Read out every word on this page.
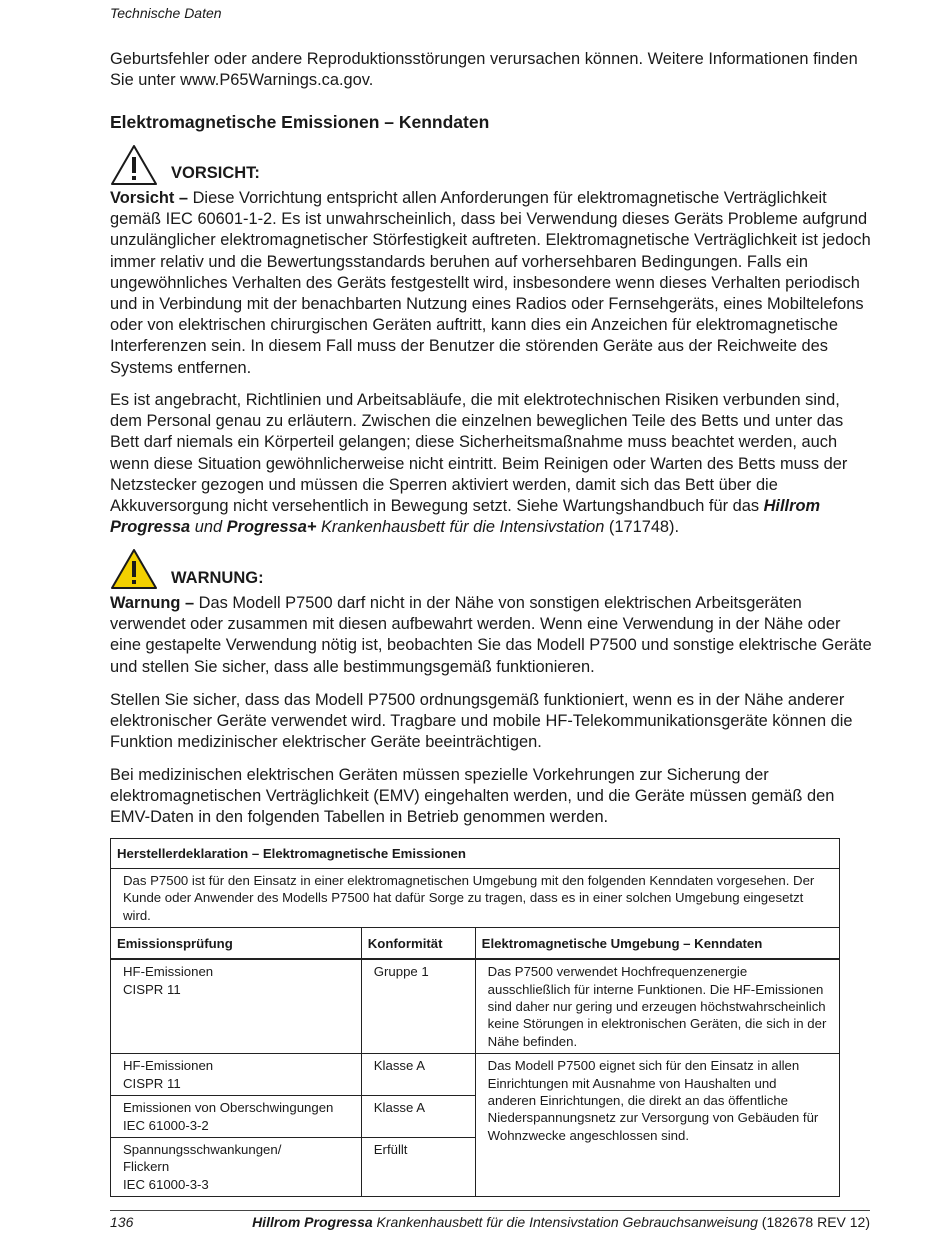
Technische Daten

Geburtsfehler oder andere Reproduktionsstörungen verursachen können. Weitere Informationen finden Sie unter www.P65Warnings.ca.gov.

Elektromagnetische Emissionen – Kenndaten
VORSICHT:

Vorsicht – Diese Vorrichtung entspricht allen Anforderungen für elektromagnetische Verträglichkeit gemäß IEC 60601-1-2. Es ist unwahrscheinlich, dass bei Verwendung dieses Geräts Probleme aufgrund unzulänglicher elektromagnetischer Störfestigkeit auftreten. Elektromagnetische Verträglichkeit ist jedoch immer relativ und die Bewertungsstandards beruhen auf vorhersehbaren Bedingungen. Falls ein ungewöhnliches Verhalten des Geräts festgestellt wird, insbesondere wenn dieses Verhalten periodisch und in Verbindung mit der benachbarten Nutzung eines Radios oder Fernsehgeräts, eines Mobiltelefons oder von elektrischen chirurgischen Geräten auftritt, kann dies ein Anzeichen für elektromagnetische Interferenzen sein. In diesem Fall muss der Benutzer die störenden Geräte aus der Reichweite des Systems entfernen.

Es ist angebracht, Richtlinien und Arbeitsabläufe, die mit elektrotechnischen Risiken verbunden sind, dem Personal genau zu erläutern. Zwischen die einzelnen beweglichen Teile des Betts und unter das Bett darf niemals ein Körperteil gelangen; diese Sicherheitsmaßnahme muss beachtet werden, auch wenn diese Situation gewöhnlicherweise nicht eintritt. Beim Reinigen oder Warten des Betts muss der Netzstecker gezogen und müssen die Sperren aktiviert werden, damit sich das Bett über die Akkuversorgung nicht versehentlich in Bewegung setzt. Siehe Wartungshandbuch für das Hillrom Progressa und Progressa+ Krankenhausbett für die Intensivstation (171748).

WARNUNG:

Warnung – Das Modell P7500 darf nicht in der Nähe von sonstigen elektrischen Arbeitsgeräten verwendet oder zusammen mit diesen aufbewahrt werden. Wenn eine Verwendung in der Nähe oder eine gestapelte Verwendung nötig ist, beobachten Sie das Modell P7500 und sonstige elektrische Geräte und stellen Sie sicher, dass alle bestimmungsgemäß funktionieren.

Stellen Sie sicher, dass das Modell P7500 ordnungsgemäß funktioniert, wenn es in der Nähe anderer elektronischer Geräte verwendet wird. Tragbare und mobile HF-Telekommunikationsgeräte können die Funktion medizinischer elektrischer Geräte beeinträchtigen.

Bei medizinischen elektrischen Geräten müssen spezielle Vorkehrungen zur Sicherung der elektromagnetischen Verträglichkeit (EMV) eingehalten werden, und die Geräte müssen gemäß den EMV-Daten in den folgenden Tabellen in Betrieb genommen werden.

Herstellerdeklaration – Elektromagnetische Emissionen		
Das P7500 ist für den Einsatz in einer elektromagnetischen Umgebung mit den folgenden Kenndaten vorgesehen. Der Kunde oder Anwender des Modells P7500 hat dafür Sorge zu tragen, dass es in einer solchen Umgebung eingesetzt wird.		
Emissionsprüfung	Konformität	Elektromagnetische Umgebung – Kenndaten
HF-Emissionen
CISPR 11	Gruppe 1	Das P7500 verwendet Hochfrequenzenergie ausschließlich für interne Funktionen. Die HF-Emissionen sind daher nur gering und erzeugen höchstwahrscheinlich keine Störungen in elektronischen Geräten, die sich in der Nähe befinden.
HF-Emissionen
CISPR 11	Klasse A	Das Modell P7500 eignet sich für den Einsatz in allen Einrichtungen mit Ausnahme von Haushalten und anderen Einrichtungen, die direkt an das öffentliche Niederspannungsnetz zur Versorgung von Gebäuden für Wohnzwecke angeschlossen sind.
Emissionen von Oberschwingungen
IEC 61000-3-2	Klasse A	
Spannungsschwankungen/
Flickern
IEC 61000-3-3	Erfüllt	
136	Hillrom Progressa Krankenhausbett für die Intensivstation Gebrauchsanweisung (182678 REV 12)
